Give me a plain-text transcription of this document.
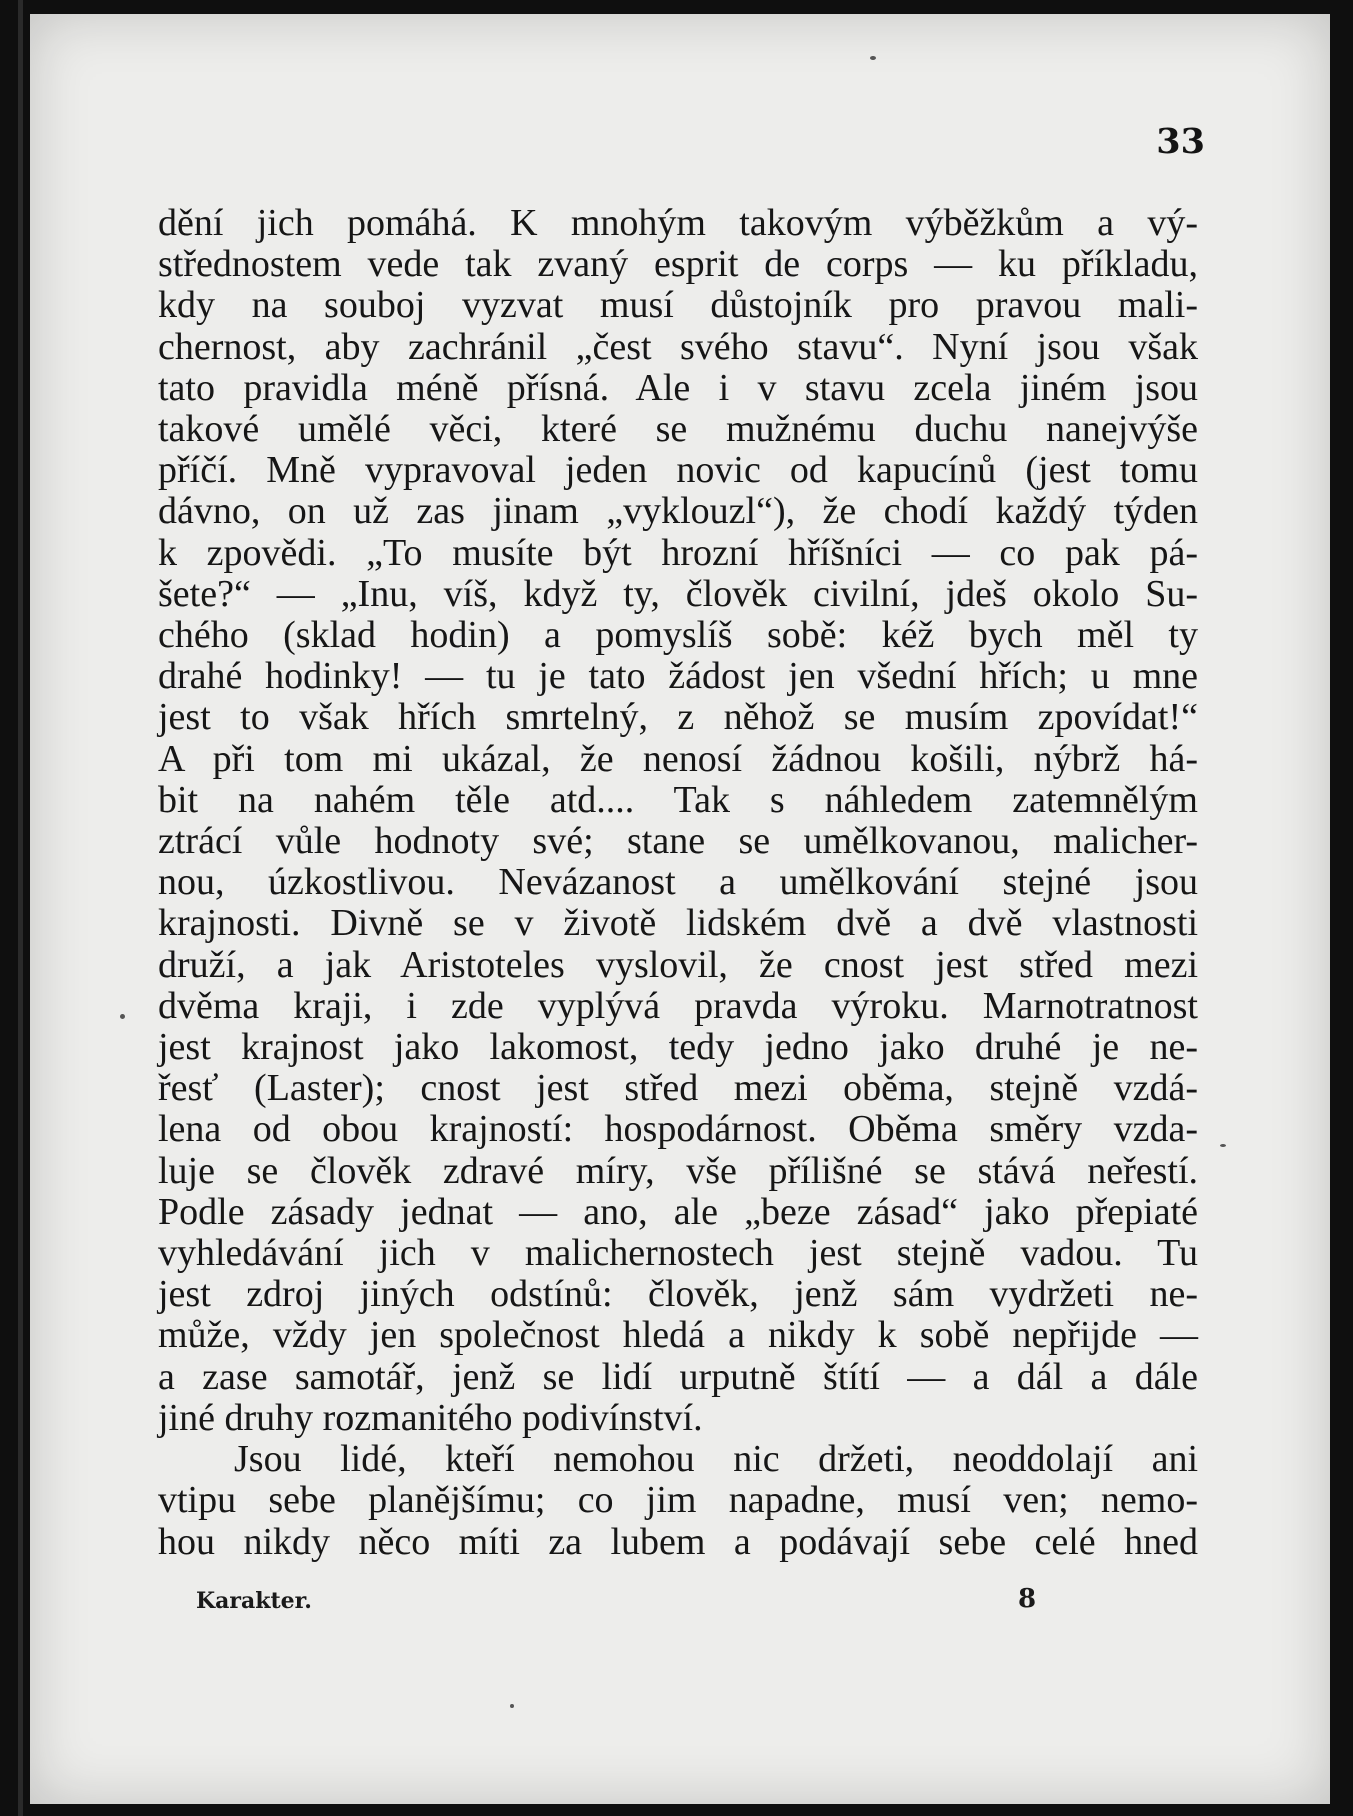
33

dění jich pomáhá. K mnohým takovým výběžkům a vý-

střednostem vede tak zvaný esprit de corps — ku příkladu,

kdy na souboj vyzvat musí důstojník pro pravou mali-

chernost, aby zachránil „čest svého stavu“. Nyní jsou však

tato pravidla méně přísná. Ale i v stavu zcela jiném jsou

takové umělé věci, které se mužnému duchu nanejvýše

příčí. Mně vypravoval jeden novic od kapucínů (jest tomu

dávno, on už zas jinam „vyklouzl“), že chodí každý týden

k zpovědi. „To musíte být hrozní hříšníci — co pak pá-

šete?“ — „Inu, víš, když ty, člověk civilní, jdeš okolo Su-

chého (sklad hodin) a pomyslíš sobě: kéž bych měl ty

drahé hodinky! — tu je tato žádost jen všední hřích; u mne

jest to však hřích smrtelný, z něhož se musím zpovídat!“

A při tom mi ukázal, že nenosí žádnou košili, nýbrž há-

bit na nahém těle atd.... Tak s náhledem zatemnělým

ztrácí vůle hodnoty své; stane se umělkovanou, malicher-

nou, úzkostlivou. Nevázanost a umělkování stejné jsou

krajnosti. Divně se v životě lidském dvě a dvě vlastnosti

druží, a jak Aristoteles vyslovil, že cnost jest střed mezi

dvěma kraji, i zde vyplývá pravda výroku. Marnotratnost

jest krajnost jako lakomost, tedy jedno jako druhé je ne-

řesť (Laster); cnost jest střed mezi oběma, stejně vzdá-

lena od obou krajností: hospodárnost. Oběma směry vzda-

luje se člověk zdravé míry, vše přílišné se stává neřestí.

Podle zásady jednat — ano, ale „beze zásad“ jako přepiaté

vyhledávání jich v malichernostech jest stejně vadou. Tu

jest zdroj jiných odstínů: člověk, jenž sám vydržeti ne-

může, vždy jen společnost hledá a nikdy k sobě nepřijde —

a zase samotář, jenž se lidí urputně štítí — a dál a dále

jiné druhy rozmanitého podivínství.

Jsou lidé, kteří nemohou nic držeti, neoddolají ani

vtipu sebe planějšímu; co jim napadne, musí ven; nemo-

hou nikdy něco míti za lubem a podávají sebe celé hned

Karakter.	8
